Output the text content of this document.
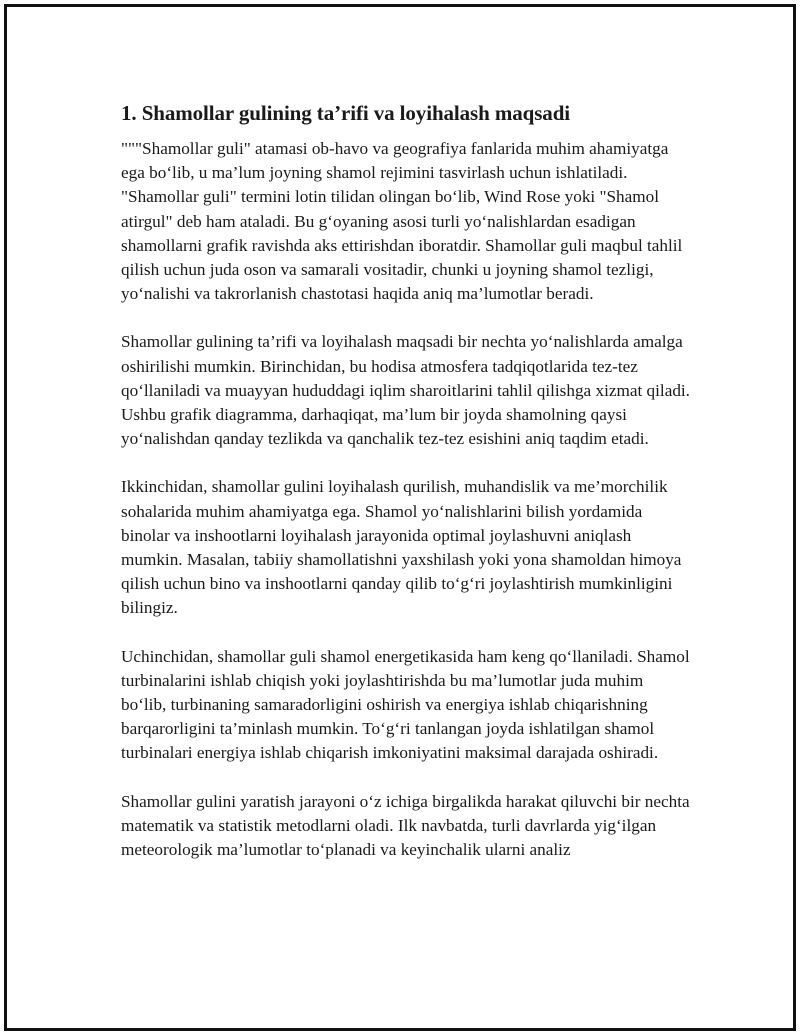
1. Shamollar gulining ta’rifi va loyihalash maqsadi

"""Shamollar guli" atamasi ob-havo va geografiya fanlarida muhim ahamiyatga ega bo‘lib, u ma’lum joyning shamol rejimini tasvirlash uchun ishlatiladi. "Shamollar guli" termini lotin tilidan olingan bo‘lib, Wind Rose yoki "Shamol atirgul" deb ham ataladi. Bu g‘oyaning asosi turli yo‘nalishlardan esadigan shamollarni grafik ravishda aks ettirishdan iboratdir. Shamollar guli maqbul tahlil qilish uchun juda oson va samarali vositadir, chunki u joyning shamol tezligi, yo‘nalishi va takrorlanish chastotasi haqida aniq ma’lumotlar beradi.

Shamollar gulining ta’rifi va loyihalash maqsadi bir nechta yo‘nalishlarda amalga oshirilishi mumkin. Birinchidan, bu hodisa atmosfera tadqiqotlarida tez-tez qo‘llaniladi va muayyan hududdagi iqlim sharoitlarini tahlil qilishga xizmat qiladi. Ushbu grafik diagramma, darhaqiqat, ma’lum bir joyda shamolning qaysi yo‘nalishdan qanday tezlikda va qanchalik tez-tez esishini aniq taqdim etadi.

Ikkinchidan, shamollar gulini loyihalash qurilish, muhandislik va me’morchilik sohalarida muhim ahamiyatga ega. Shamol yo‘nalishlarini bilish yordamida binolar va inshootlarni loyihalash jarayonida optimal joylashuvni aniqlash mumkin. Masalan, tabiiy shamollatishni yaxshilash yoki yona shamoldan himoya qilish uchun bino va inshootlarni qanday qilib to‘g‘ri joylashtirish mumkinligini bilingiz.

Uchinchidan, shamollar guli shamol energetikasida ham keng qo‘llaniladi. Shamol turbinalarini ishlab chiqish yoki joylashtirishda bu ma’lumotlar juda muhim bo‘lib, turbinaning samaradorligini oshirish va energiya ishlab chiqarishning barqarorligini ta’minlash mumkin. To‘g‘ri tanlangan joyda ishlatilgan shamol turbinalari energiya ishlab chiqarish imkoniyatini maksimal darajada oshiradi.

Shamollar gulini yaratish jarayoni o‘z ichiga birgalikda harakat qiluvchi bir nechta matematik va statistik metodlarni oladi. Ilk navbatda, turli davrlarda yig‘ilgan meteorologik ma’lumotlar to‘planadi va keyinchalik ularni analiz
